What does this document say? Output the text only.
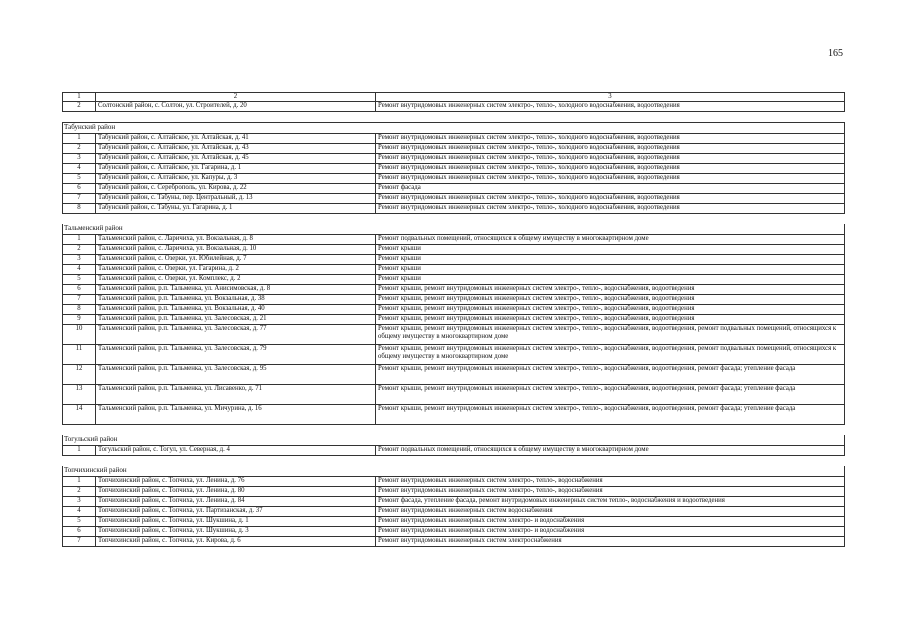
165
1	2	3
2	Солтонский район, с. Солтон, ул. Строителей, д. 20	Ремонт внутридомовых инженерных систем электро-, тепло-, холодного водоснабжения, водоотведения

Табунский район		
1	Табунский район, с. Алтайское, ул. Алтайская, д. 41	Ремонт внутридомовых инженерных систем электро-, тепло-, холодного водоснабжения, водоотведения
2	Табунский район, с. Алтайское, ул. Алтайская, д. 43	Ремонт внутридомовых инженерных систем электро-, тепло-, холодного водоснабжения, водоотведения
3	Табунский район, с. Алтайское, ул. Алтайская, д. 45	Ремонт внутридомовых инженерных систем электро-, тепло-, холодного водоснабжения, водоотведения
4	Табунский район, с. Алтайское, ул. Гагарина, д. 1	Ремонт внутридомовых инженерных систем электро-, тепло-, холодного водоснабжения, водоотведения
5	Табунский район, с. Алтайское, ул. Капуры, д. 3	Ремонт внутридомовых инженерных систем электро-, тепло-, холодного водоснабжения, водоотведения
6	Табунский район, с. Сереброполь, ул. Кирова, д. 22	Ремонт фасада
7	Табунский район, с. Табуны, пер. Центральный, д. 13	Ремонт внутридомовых инженерных систем электро-, тепло-, холодного водоснабжения, водоотведения
8	Табунский район, с. Табуны, ул. Гагарина, д. 1	Ремонт внутридомовых инженерных систем электро-, тепло-, холодного водоснабжения, водоотведения

Тальменский район		
1	Тальменский район, с. Ларичиха, ул. Вокзальная, д. 8	Ремонт подвальных помещений, относящихся к общему имуществу в многоквартирном доме
2	Тальменский район, с. Ларичиха, ул. Вокзальная, д. 10	Ремонт крыши
3	Тальменский район, с. Озерки, ул. Юбилейная, д. 7	Ремонт крыши
4	Тальменский район, с. Озерки, ул. Гагарина, д. 2	Ремонт крыши
5	Тальменский район, с. Озерки, ул. Комплекс, д. 2	Ремонт крыши
6	Тальменский район, р.п. Тальменка, ул. Анисимовская, д. 8	Ремонт крыши, ремонт внутридомовых инженерных систем электро-, тепло-, водоснабжения, водоотведения
7	Тальменский район, р.п. Тальменка, ул. Вокзальная, д. 38	Ремонт крыши, ремонт внутридомовых инженерных систем электро-, тепло-, водоснабжения, водоотведения
8	Тальменский район, р.п. Тальменка, ул. Вокзальная, д. 40	Ремонт крыши, ремонт внутридомовых инженерных систем электро-, тепло-, водоснабжения, водоотведения
9	Тальменский район, р.п. Тальменка, ул. Залесовская, д. 21	Ремонт крыши, ремонт внутридомовых инженерных систем электро-, тепло-, водоснабжения, водоотведения
10	Тальменский район, р.п. Тальменка, ул. Залесовская, д. 77	Ремонт крыши, ремонт внутридомовых инженерных систем электро-, тепло-, водоснабжения, водоотведения, ремонт подвальных помещений, относящихся к общему имуществу в многоквартирном доме
11	Тальменский район, р.п. Тальменка, ул. Залесовская, д. 79	Ремонт крыши, ремонт внутридомовых инженерных систем электро-, тепло-, водоснабжения, водоотведения, ремонт подвальных помещений, относящихся к общему имуществу в многоквартирном доме
12	Тальменский район, р.п. Тальменка, ул. Залесовская, д. 95	Ремонт крыши, ремонт внутридомовых инженерных систем электро-, тепло-, водоснабжения, водоотведения, ремонт фасада; утепление фасада
13	Тальменский район, р.п. Тальменка, ул. Лисавенко, д. 71	Ремонт крыши, ремонт внутридомовых инженерных систем электро-, тепло-, водоснабжения, водоотведения, ремонт фасада; утепление фасада
14	Тальменский район, р.п. Тальменка, ул. Мичурина, д. 16	Ремонт крыши, ремонт внутридомовых инженерных систем электро-, тепло-, водоснабжения, водоотведения, ремонт фасада; утепление фасада

Тогульский район		
1	Тогульский район, с. Тогул, ул. Северная, д. 4	Ремонт подвальных помещений, относящихся к общему имуществу в многоквартирном доме

Топчихинский район		
1	Топчихинский район, с. Топчиха, ул. Ленина, д. 76	Ремонт внутридомовых инженерных систем электро-, тепло-, водоснабжения
2	Топчихинский район, с. Топчиха, ул. Ленина, д. 80	Ремонт внутридомовых инженерных систем электро-, тепло-, водоснабжения
3	Топчихинский район, с. Топчиха, ул. Ленина, д. 84	Ремонт фасада, утепление фасада, ремонт внутридомовых инженерных систем тепло-, водоснабжения и водоотведения
4	Топчихинский район, с. Топчиха, ул. Партизанская, д. 37	Ремонт внутридомовых инженерных систем водоснабжения
5	Топчихинский район, с. Топчиха, ул. Шукшина, д. 1	Ремонт внутридомовых инженерных систем электро- и водоснабжения
6	Топчихинский район, с. Топчиха, ул. Шукшина, д. 3	Ремонт внутридомовых инженерных систем электро- и водоснабжения
7	Топчихинский район, с. Топчиха, ул. Кирова, д. 6	Ремонт внутридомовых инженерных систем электроснабжения
